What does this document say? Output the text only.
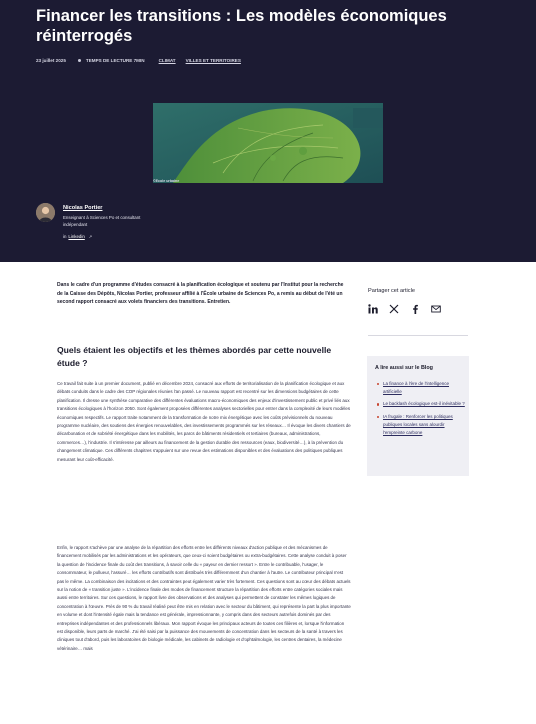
Financer les transitions : Les modèles économiques réinterrogés
23 juillet 2025	TEMPS DE LECTURE 7MIN	CLIMAT VILLES ET TERRITOIRES
©Ecole urbaine
Nicolas Portier
Enseignant à Sciences Po et consultant indépendant
in Linkedin ↗

Dans le cadre d'un programme d'études consacré à la planification écologique et soutenu par l'Institut pour la recherche de la Caisse des Dépôts, Nicolas Portier, professeur affilié à l'École urbaine de Sciences Po, a remis au début de l'été un second rapport consacré aux volets financiers des transitions. Entretien.

Quels étaient les objectifs et les thèmes abordés par cette nouvelle étude ?

Ce travail fait suite à un premier document, publié en décembre 2024, consacré aux efforts de territorialisation de la planification écologique et aux débats conduits dans le cadre des COP régionales réunies l'an passé. Le nouveau rapport est recentré sur les dimensions budgétaires de cette planification. Il dresse une synthèse comparative des différentes évaluations macro-économiques des enjeux d'investissement public et privé liés aux transitions écologiques à l'horizon 2050. Sont également proposées différentes analyses sectorielles pour entrer dans la complexité de leurs modèles économiques respectifs. Le rapport traite notamment de la transformation de notre mix énergétique avec les coûts prévisionnels du nouveau programme nucléaire, des soutiens des énergies renouvelables, des investissements programmés sur les réseaux… Il évoque les divers chantiers de décarbonation et de sobriété énergétique dans les mobilités, les parcs de bâtiments résidentiels et tertiaires (bureaux, administrations, commerces…), l'industrie. Il s'intéresse par ailleurs au financement de la gestion durable des ressources (eaux, biodiversité…), à la prévention du changement climatique. Ces différents chapitres s'appuient sur une revue des estimations disponibles et des évaluations des politiques publiques mesurant leur coût-efficacité.

Enfin, le rapport s'achève par une analyse de la répartition des efforts entre les différents niveaux d'action publique et des mécanismes de financement mobilisés par les administrations et les opérateurs, que ceux-ci soient budgétaires ou extra-budgétaires. Cette analyse conduit à poser la question de l'incidence finale du coût des transitions, à savoir celle du « payeur en dernier ressort ». Entre le contribuable, l'usager, le consommateur, le pollueur, l'assuré… les efforts contributifs sont distribués très différemment d'un chantier à l'autre. Le contributeur principal n'est pas le même. La combinaison des incitations et des contraintes peut également varier très fortement. Ces questions sont au cœur des débats actuels sur la notion de « transition juste ». L'incidence finale des modes de financement structure la répartition des efforts entre catégories sociales mais aussi entre territoires. Sur ces questions, le rapport livre des observations et des analyses qui permettent de constater les mêmes logiques de concentration à l'œuvre. Près de 90 % du travail réalisé peut être mis en relation avec le secteur du bâtiment, qui représente la part la plus importante en volume et dont l'intensité égale mais la tendance est générale, impressionnante, y compris dans des secteurs autrefois dominés par des entreprises indépendantes et des professionnels libéraux. Mon rapport évoque les principaux acteurs de toutes ces filières et, lorsque l'information est disponible, leurs parts de marché. J'ai été saisi par la puissance des mouvements de concentration dans les secteurs de la santé à travers les cliniques tout d'abord, puis les laboratoires de biologie médicale, les cabinets de radiologie et d'ophtalmologie, les centres dentaires, la médecine vétérinaire… mais

Partager cet article
A lire aussi sur le Blog
La finance à l'ère de l'intelligence artificielle
Le backlash écologique est-il inévitable ?
IA frugale : Renforcer les politiques publiques locales sans alourdir l'empreinte carbone
